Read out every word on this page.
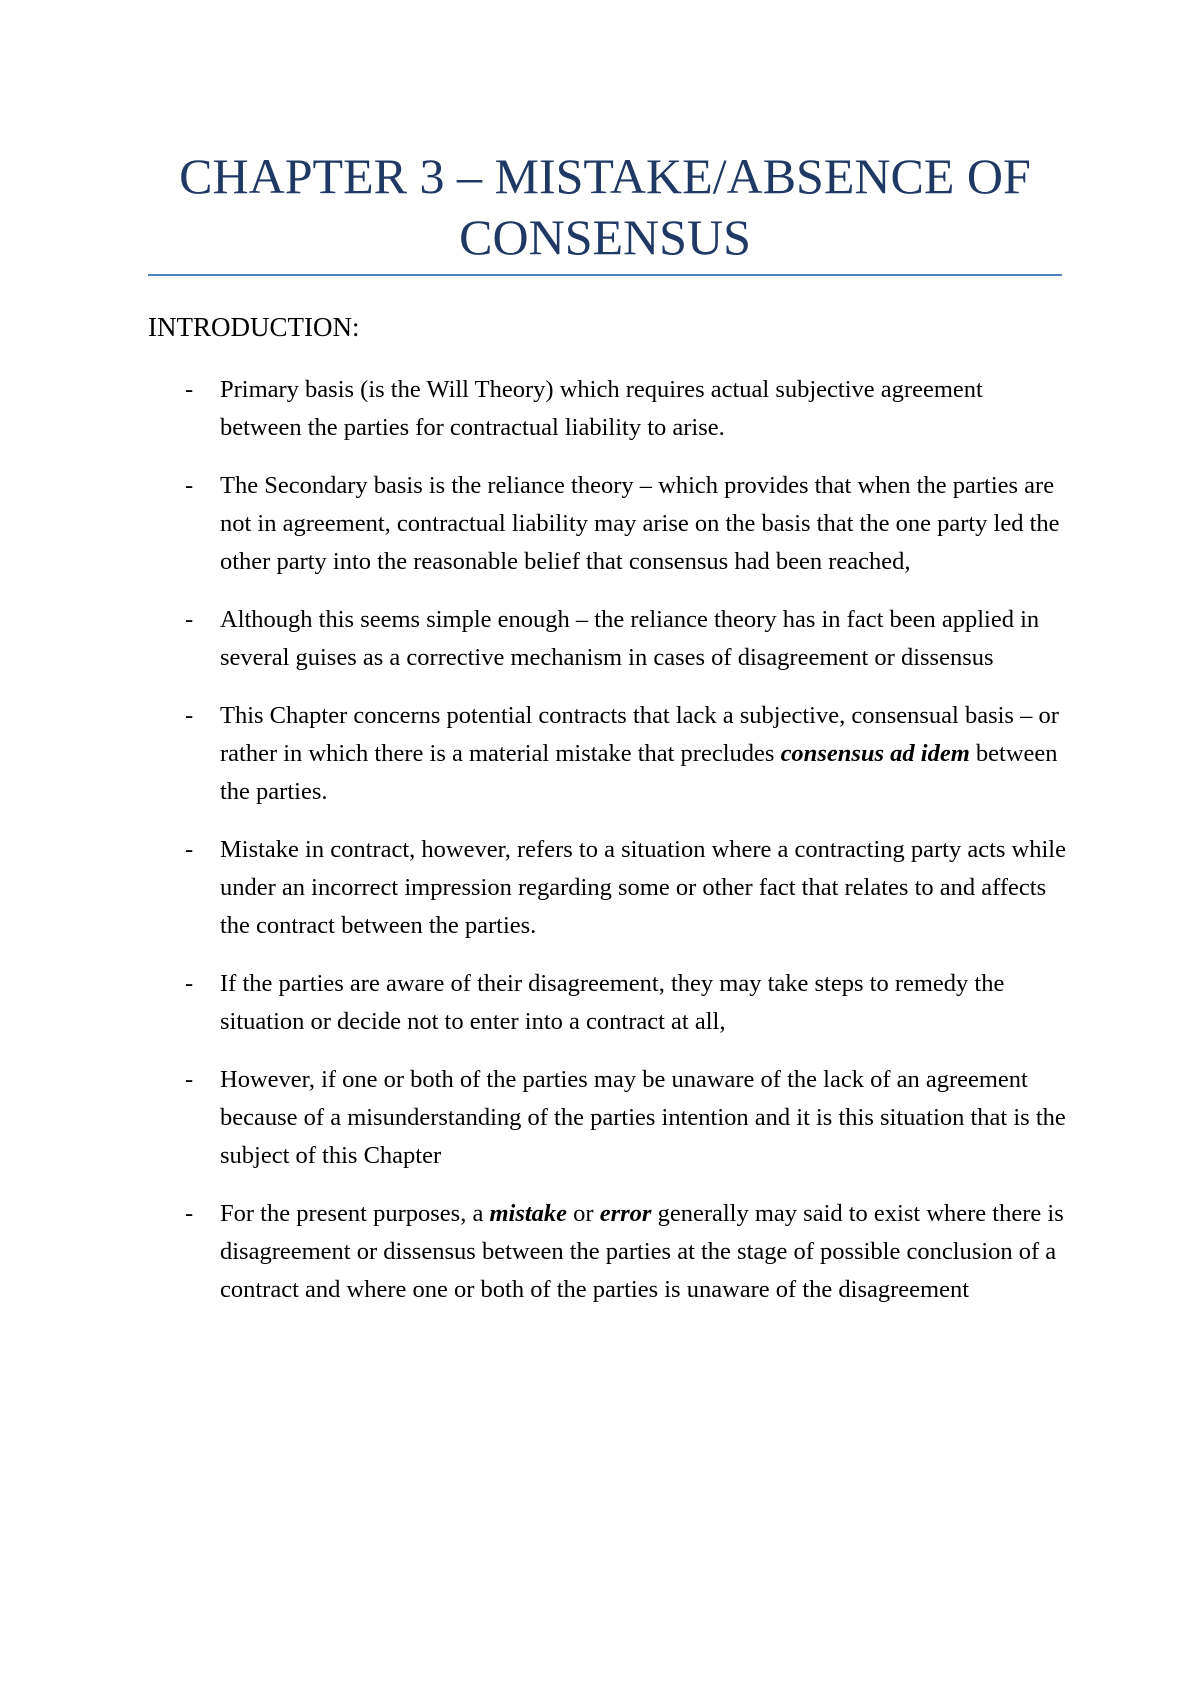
CHAPTER 3 – MISTAKE/ABSENCE OF CONSENSUS
INTRODUCTION:
- Primary basis (is the Will Theory) which requires actual subjective agreement between the parties for contractual liability to arise.
- The Secondary basis is the reliance theory – which provides that when the parties are not in agreement, contractual liability may arise on the basis that the one party led the other party into the reasonable belief that consensus had been reached,
- Although this seems simple enough – the reliance theory has in fact been applied in several guises as a corrective mechanism in cases of disagreement or dissensus
- This Chapter concerns potential contracts that lack a subjective, consensual basis – or rather in which there is a material mistake that precludes consensus ad idem between the parties.
- Mistake in contract, however, refers to a situation where a contracting party acts while under an incorrect impression regarding some or other fact that relates to and affects the contract between the parties.
- If the parties are aware of their disagreement, they may take steps to remedy the situation or decide not to enter into a contract at all,
- However, if one or both of the parties may be unaware of the lack of an agreement because of a misunderstanding of the parties intention and it is this situation that is the subject of this Chapter
- For the present purposes, a mistake or error generally may said to exist where there is disagreement or dissensus between the parties at the stage of possible conclusion of a contract and where one or both of the parties is unaware of the disagreement
